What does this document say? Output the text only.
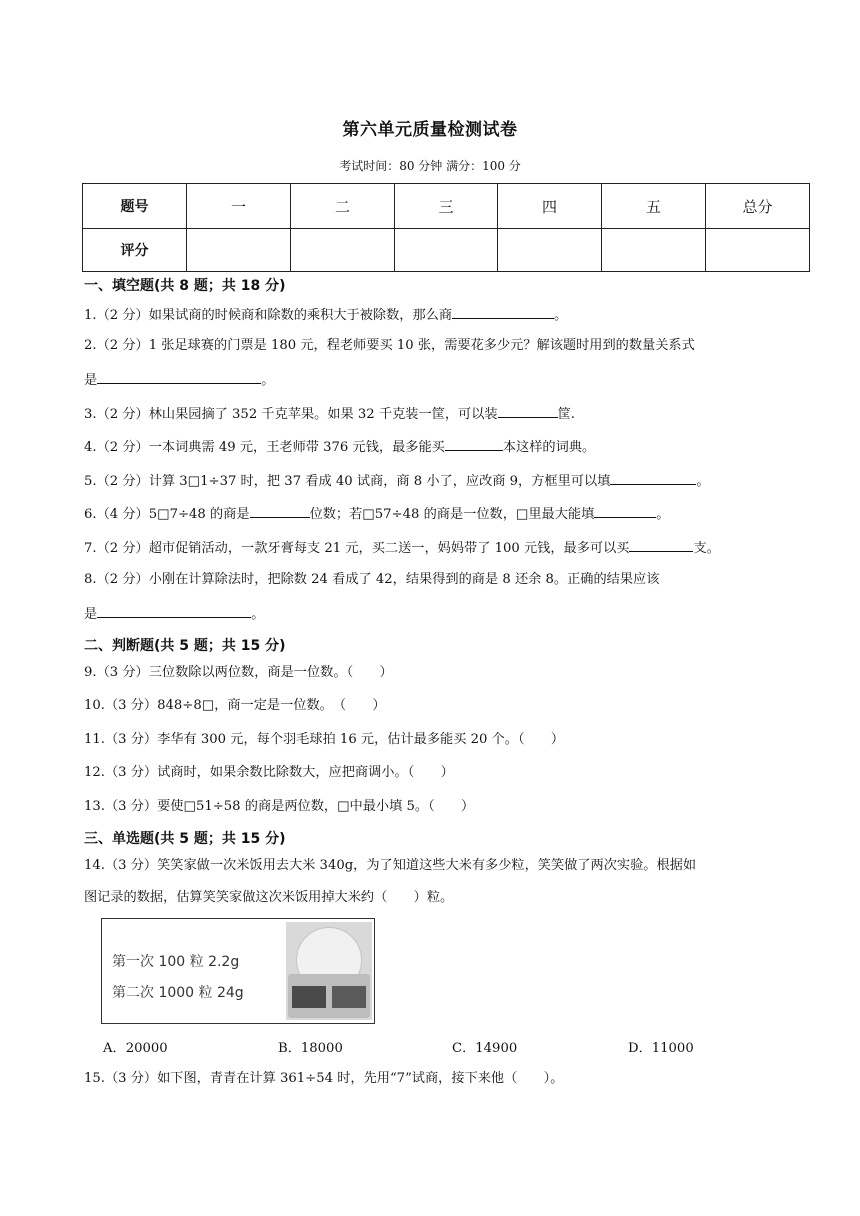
第六单元质量检测试卷
考试时间：80 分钟 满分：100 分
题号	一	二	三	四	五	总分
评分						
一、填空题(共 8 题；共 18 分)
1.（2 分）如果试商的时候商和除数的乘积大于被除数，那么商	。
2.（2 分）1 张足球赛的门票是 180 元，程老师要买 10 张，需要花多少元？解该题时用到的数量关系式
是	。
3.（2 分）林山果园摘了 352 千克苹果。如果 32 千克装一筐，可以装	筐.
4.（2 分）一本词典需 49 元，王老师带 376 元钱，最多能买	本这样的词典。
5.（2 分）计算 3□1÷37 时，把 37 看成 40 试商，商 8 小了，应改商 9，方框里可以填	。
6.（4 分）5□7÷48 的商是	位数；若□57÷48 的商是一位数，□里最大能填	。
7.（2 分）超市促销活动，一款牙膏每支 21 元，买二送一，妈妈带了 100 元钱，最多可以买	支。
8.（2 分）小刚在计算除法时，把除数 24 看成了 42，结果得到的商是 8 还余 8。正确的结果应该
是	。
二、判断题(共 5 题；共 15 分)
9.（3 分）三位数除以两位数，商是一位数。（　　）
10.（3 分）848÷8□，商一定是一位数。　（　　）
11.（3 分）李华有 300 元，每个羽毛球拍 16 元，估计最多能买 20 个。（　　）
12.（3 分）试商时，如果余数比除数大，应把商调小。（　　）
13.（3 分）要使□51÷58 的商是两位数，□中最小填 5。（　　）
三、单选题(共 5 题；共 15 分)
14.（3 分）笑笑家做一次米饭用去大米 340g，为了知道这些大米有多少粒，笑笑做了两次实验。根据如
图记录的数据，估算笑笑家做这次米饭用掉大米约（　　）粒。
第一次 100 粒 2.2g
第二次 1000 粒 24g
A．20000	B．18000	C．14900	D．11000
15.（3 分）如下图，青青在计算 361÷54 时，先用“7”试商，接下来他（　　）。
